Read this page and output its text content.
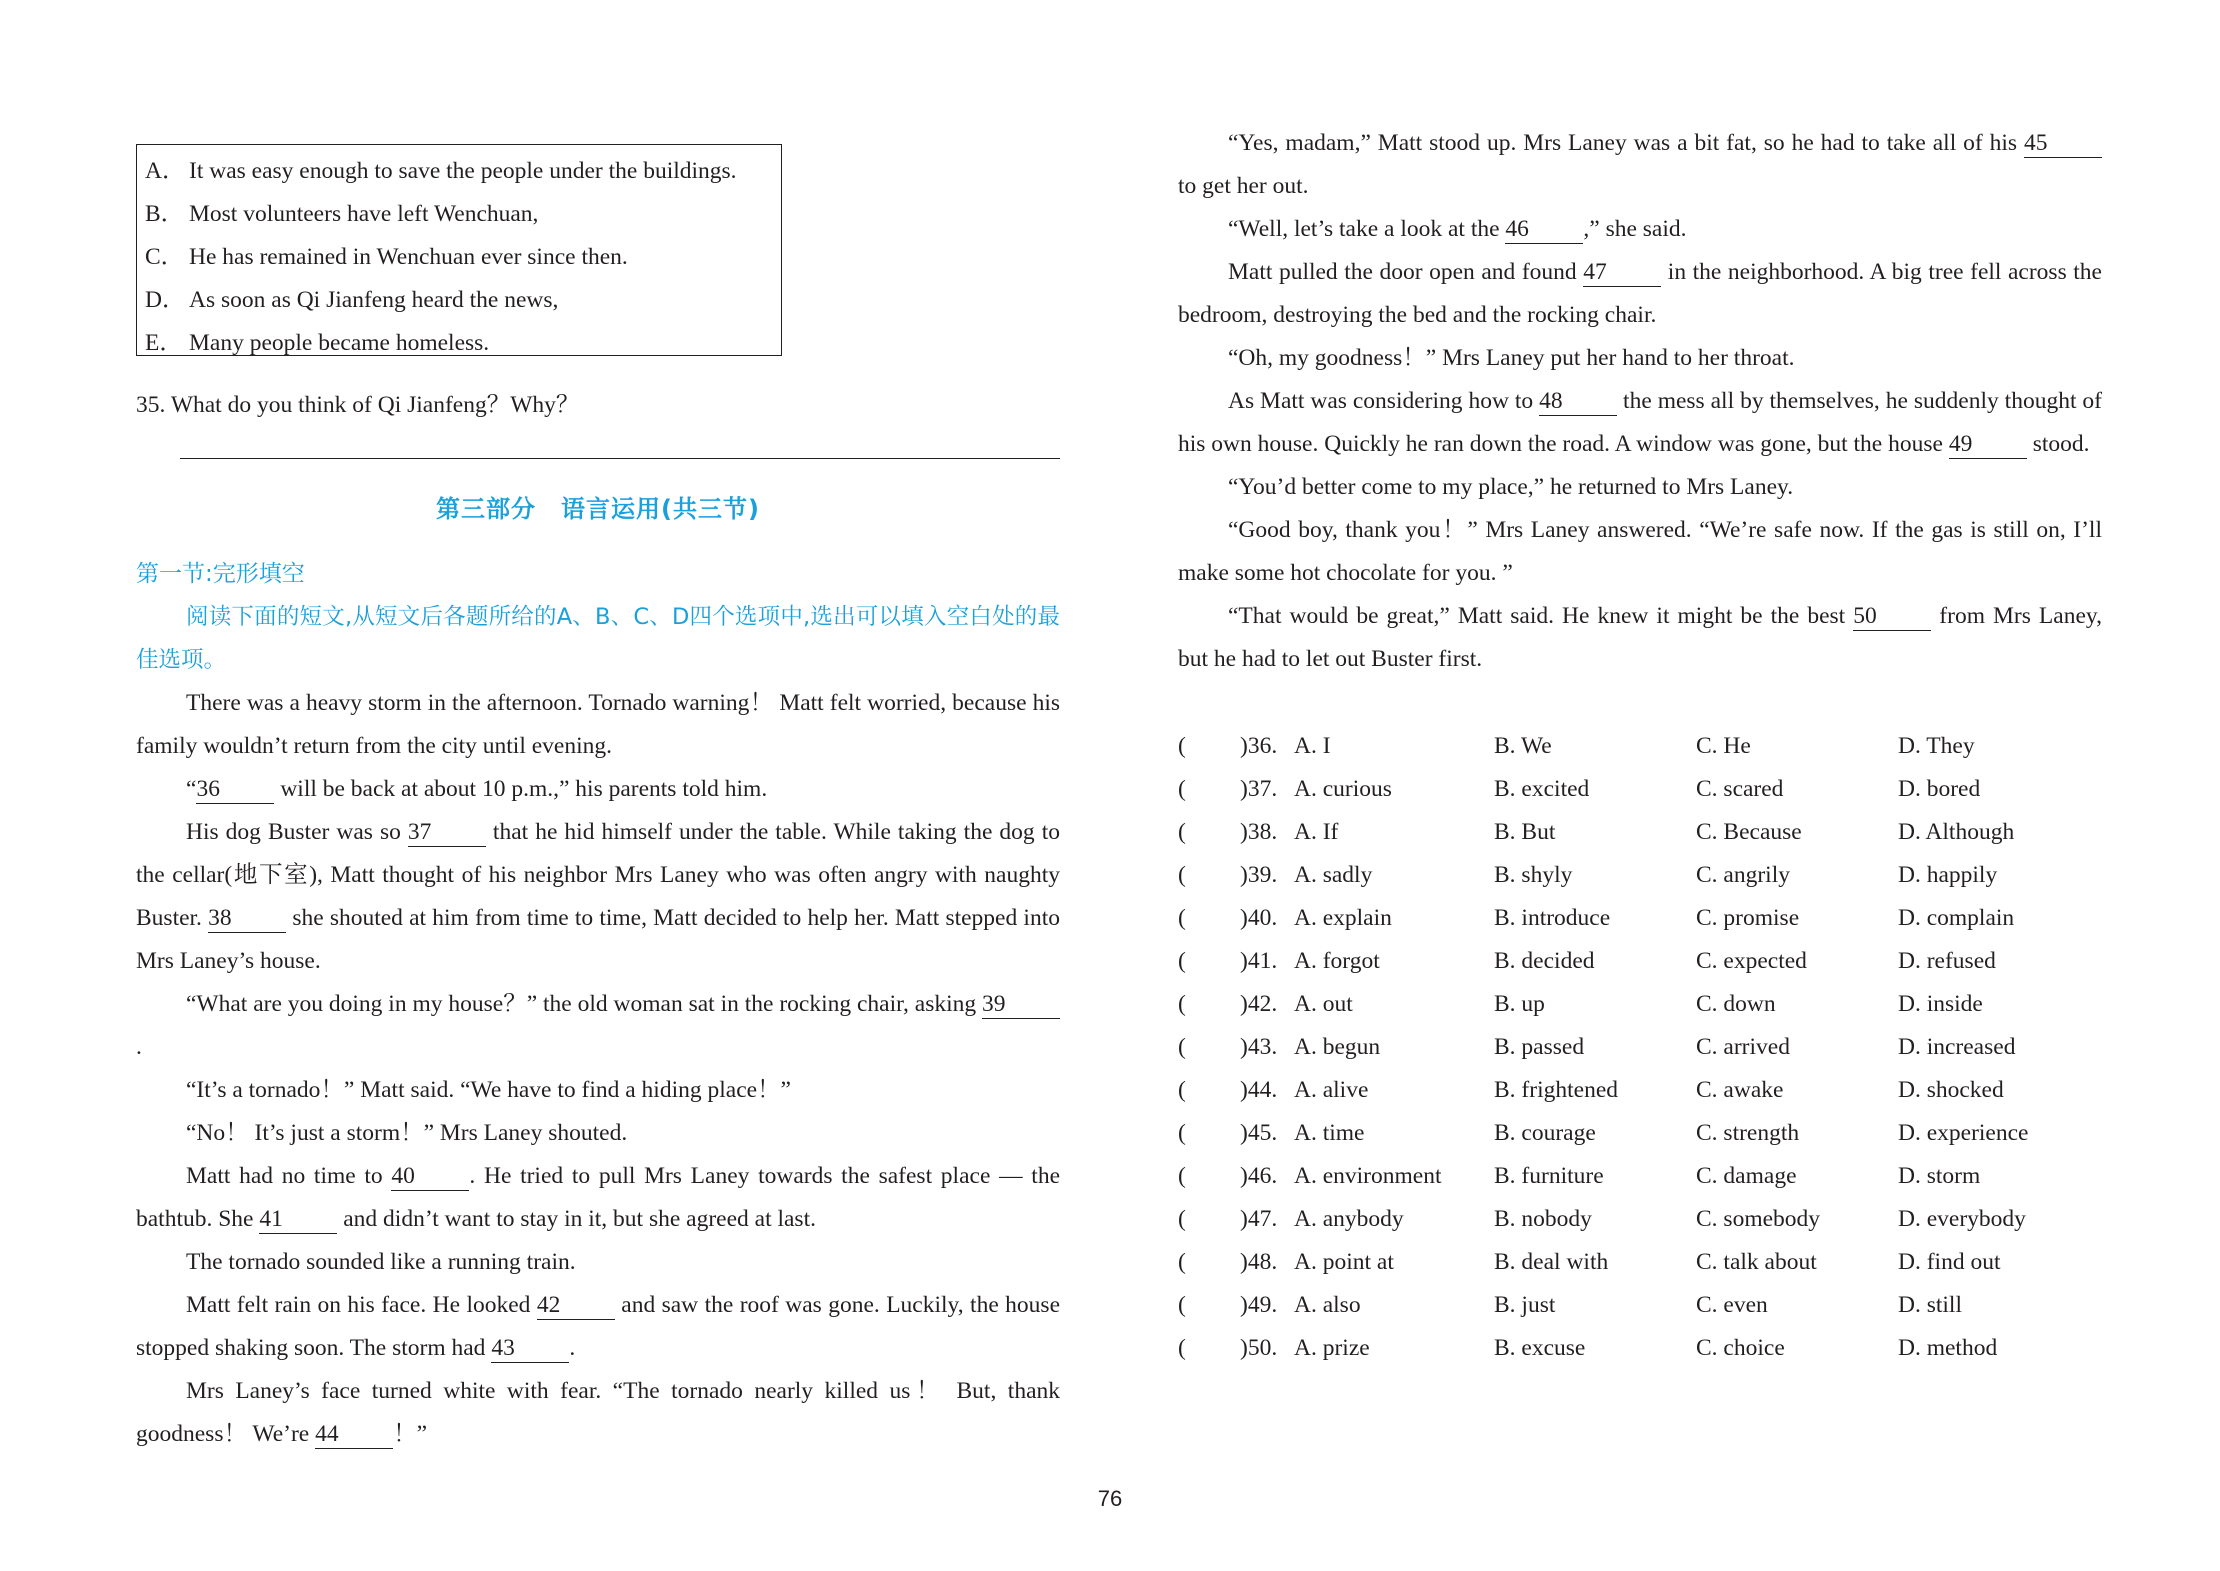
A． It was easy enough to save the people under the buildings.
B． Most volunteers have left Wenchuan,
C． He has remained in Wenchuan ever since then.
D． As soon as Qi Jianfeng heard the news,
E． Many people became homeless.
35. What do you think of Qi Jianfeng？Why？
第三部分　语言运用(共三节)
第一节:完形填空

阅读下面的短文,从短文后各题所给的A、B、C、D四个选项中,选出可以填入空白处的最佳选项。

There was a heavy storm in the afternoon. Tornado warning！ Matt felt worried, because his family wouldn’t return from the city until evening.

“36 will be back at about 10 p.m.,” his parents told him.

His dog Buster was so 37 that he hid himself under the table. While taking the dog to the cellar(地下室), Matt thought of his neighbor Mrs Laney who was often angry with naughty Buster. 38 she shouted at him from time to time, Matt decided to help her. Matt stepped into Mrs Laney’s house.

“What are you doing in my house？” the old woman sat in the rocking chair, asking 39.

“It’s a tornado！” Matt said. “We have to find a hiding place！”

“No！ It’s just a storm！” Mrs Laney shouted.

Matt had no time to 40 . He tried to pull Mrs Laney towards the safest place — the bathtub. She 41 and didn’t want to stay in it, but she agreed at last.

The tornado sounded like a running train.

Matt felt rain on his face. He looked 42 and saw the roof was gone. Luckily, the house stopped shaking soon. The storm had 43 .

Mrs Laney’s face turned white with fear. “The tornado nearly killed us！ But, thank goodness！ We’re 44 ！”

“Yes, madam,” Matt stood up. Mrs Laney was a bit fat, so he had to take all of his 45 to get her out.

“Well, let’s take a look at the 46 ,” she said.

Matt pulled the door open and found 47 in the neighborhood. A big tree fell across the bedroom, destroying the bed and the rocking chair.

“Oh, my goodness！” Mrs Laney put her hand to her throat.

As Matt was considering how to 48 the mess all by themselves, he suddenly thought of his own house. Quickly he ran down the road. A window was gone, but the house 49 stood.

“You’d better come to my place,” he returned to Mrs Laney.

“Good boy, thank you！” Mrs Laney answered. “We’re safe now. If the gas is still on, I’ll make some hot chocolate for you. ”

“That would be great,” Matt said. He knew it might be the best 50 from Mrs Laney, but he had to let out Buster first.

( )36. A. I	B. We	C. He	D. They
( )37. A. curious	B. excited	C. scared	D. bored
( )38. A. If	B. But	C. Because	D. Although
( )39. A. sadly	B. shyly	C. angrily	D. happily
( )40. A. explain	B. introduce	C. promise	D. complain
( )41. A. forgot	B. decided	C. expected	D. refused
( )42. A. out	B. up	C. down	D. inside
( )43. A. begun	B. passed	C. arrived	D. increased
( )44. A. alive	B. frightened	C. awake	D. shocked
( )45. A. time	B. courage	C. strength	D. experience
( )46. A. environment B. furniture	C. damage	D. storm
( )47. A. anybody	B. nobody	C. somebody	D. everybody
( )48. A. point at	B. deal with	C. talk about	D. find out
( )49. A. also	B. just	C. even	D. still
( )50. A. prize	B. excuse	C. choice	D. method
76
